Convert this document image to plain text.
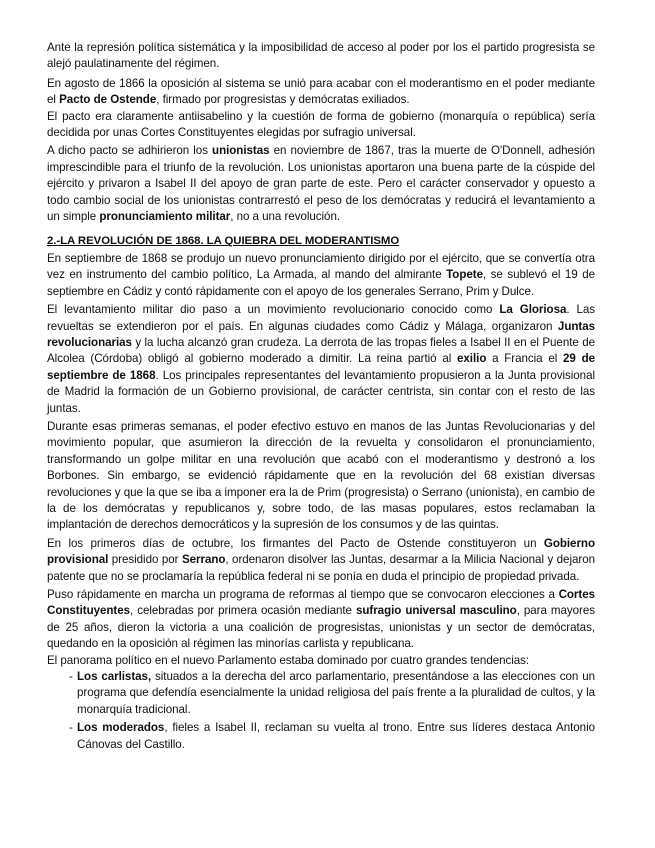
Ante la represión política sistemática y la imposibilidad de acceso al poder por los el partido progresista se alejó paulatinamente del régimen.

En agosto de 1866 la oposición al sistema se unió para acabar con el moderantismo en el poder mediante el Pacto de Ostende, firmado por progresistas y demócratas exiliados.

El pacto era claramente antiisabelino y la cuestión de forma de gobierno (monarquía o república) sería decidida por unas Cortes Constituyentes elegidas por sufragio universal.

A dicho pacto se adhirieron los unionistas en noviembre de 1867, tras la muerte de O'Donnell, adhesión imprescindible para el triunfo de la revolución. Los unionistas aportaron una buena parte de la cúspide del ejército y privaron a Isabel II del apoyo de gran parte de este. Pero el carácter conservador y opuesto a todo cambio social de los unionistas contrarrestó el peso de los demócratas y reducirá el levantamiento a un simple pronunciamiento militar, no a una revolución.

2.-LA REVOLUCIÓN DE 1868. LA QUIEBRA DEL MODERANTISMO

En septiembre de 1868 se produjo un nuevo pronunciamiento dirigido por el ejército, que se convertía otra vez en instrumento del cambio político, La Armada, al mando del almirante Topete, se sublevó el 19 de septiembre en Cádiz y contó rápidamente con el apoyo de los generales Serrano, Prim y Dulce.

El levantamiento militar dio paso a un movimiento revolucionario conocido como La Gloriosa. Las revueltas se extendieron por el país. En algunas ciudades como Cádiz y Málaga, organizaron Juntas revolucionarias y la lucha alcanzó gran crudeza. La derrota de las tropas fieles a Isabel II en el Puente de Alcolea (Córdoba) obligó al gobierno moderado a dimitir. La reina partió al exilio a Francia el 29 de septiembre de 1868. Los principales representantes del levantamiento propusieron a la Junta provisional de Madrid la formación de un Gobierno provisional, de carácter centrista, sin contar con el resto de las juntas.

Durante esas primeras semanas, el poder efectivo estuvo en manos de las Juntas Revolucionarias y del movimiento popular, que asumieron la dirección de la revuelta y consolidaron el pronunciamiento, transformando un golpe militar en una revolución que acabó con el moderantismo y destronó a los Borbones. Sin embargo, se evidenció rápidamente que en la revolución del 68 existían diversas revoluciones y que la que se iba a imponer era la de Prim (progresista) o Serrano (unionista), en cambio de la de los demócratas y republicanos y, sobre todo, de las masas populares, estos reclamaban la implantación de derechos democráticos y la supresión de los consumos y de las quintas.

En los primeros días de octubre, los firmantes del Pacto de Ostende constituyeron un Gobierno provisional presidido por Serrano, ordenaron disolver las Juntas, desarmar a la Milicia Nacional y dejaron patente que no se proclamaría la república federal ni se ponía en duda el principio de propiedad privada.

Puso rápidamente en marcha un programa de reformas al tiempo que se convocaron elecciones a Cortes Constituyentes, celebradas por primera ocasión mediante sufragio universal masculino, para mayores de 25 años, dieron la victoria a una coalición de progresistas, unionistas y un sector de demócratas, quedando en la oposición al régimen las minorías carlista y republicana.

El panorama político en el nuevo Parlamento estaba dominado por cuatro grandes tendencias:

- Los carlistas, situados a la derecha del arco parlamentario, presentándose a las elecciones con un programa que defendía esencialmente la unidad religiosa del país frente a la pluralidad de cultos, y la monarquía tradicional.
- Los moderados, fieles a Isabel II, reclaman su vuelta al trono. Entre sus líderes destaca Antonio Cánovas del Castillo.
